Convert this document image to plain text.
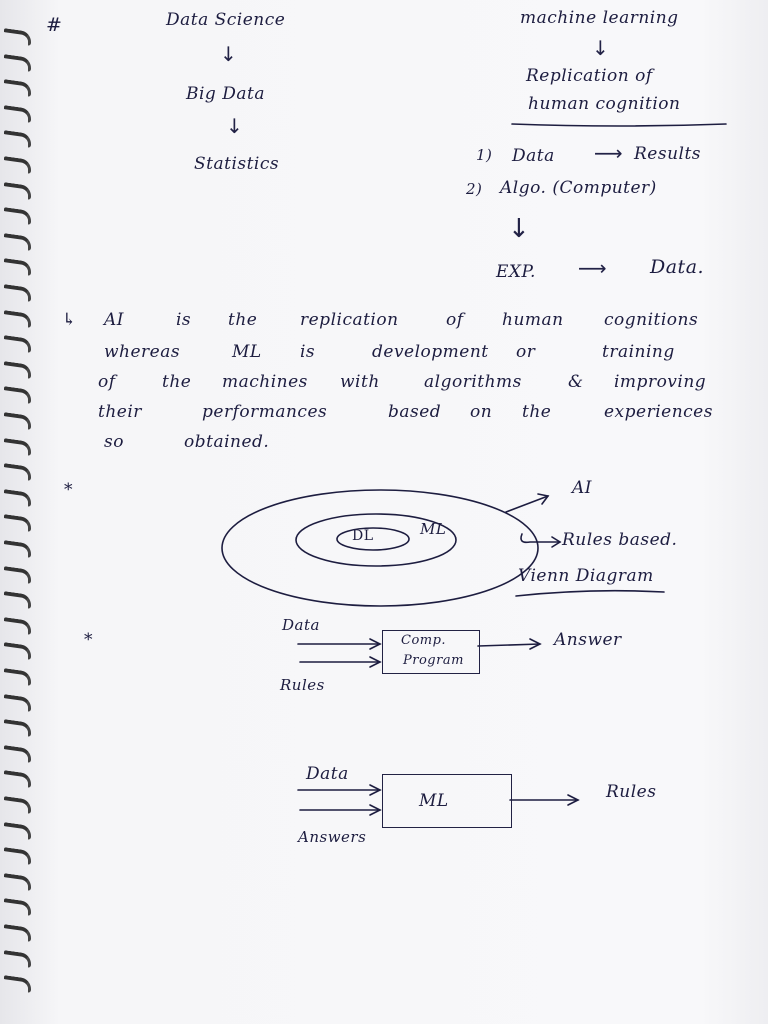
#	Data Science
↓
Big Data
↓
Statistics
machine learning
↓
Replication of
human cognition
1) Data ⟶ Results
2) Algo. (Computer)
↓
EXP. ⟶ Data.
↳ AI	is the	replication	of human cognitions
whereas	ML is	development or	training
of	the machines with	algorithms	& improving
their	performances	based on the	experiences
so	obtained.
*
DL	ML
AI
Rules based.
Vienn Diagram
*
Data
Rules
Comp.
Program
Answer
Data
Answers
ML	Rules
